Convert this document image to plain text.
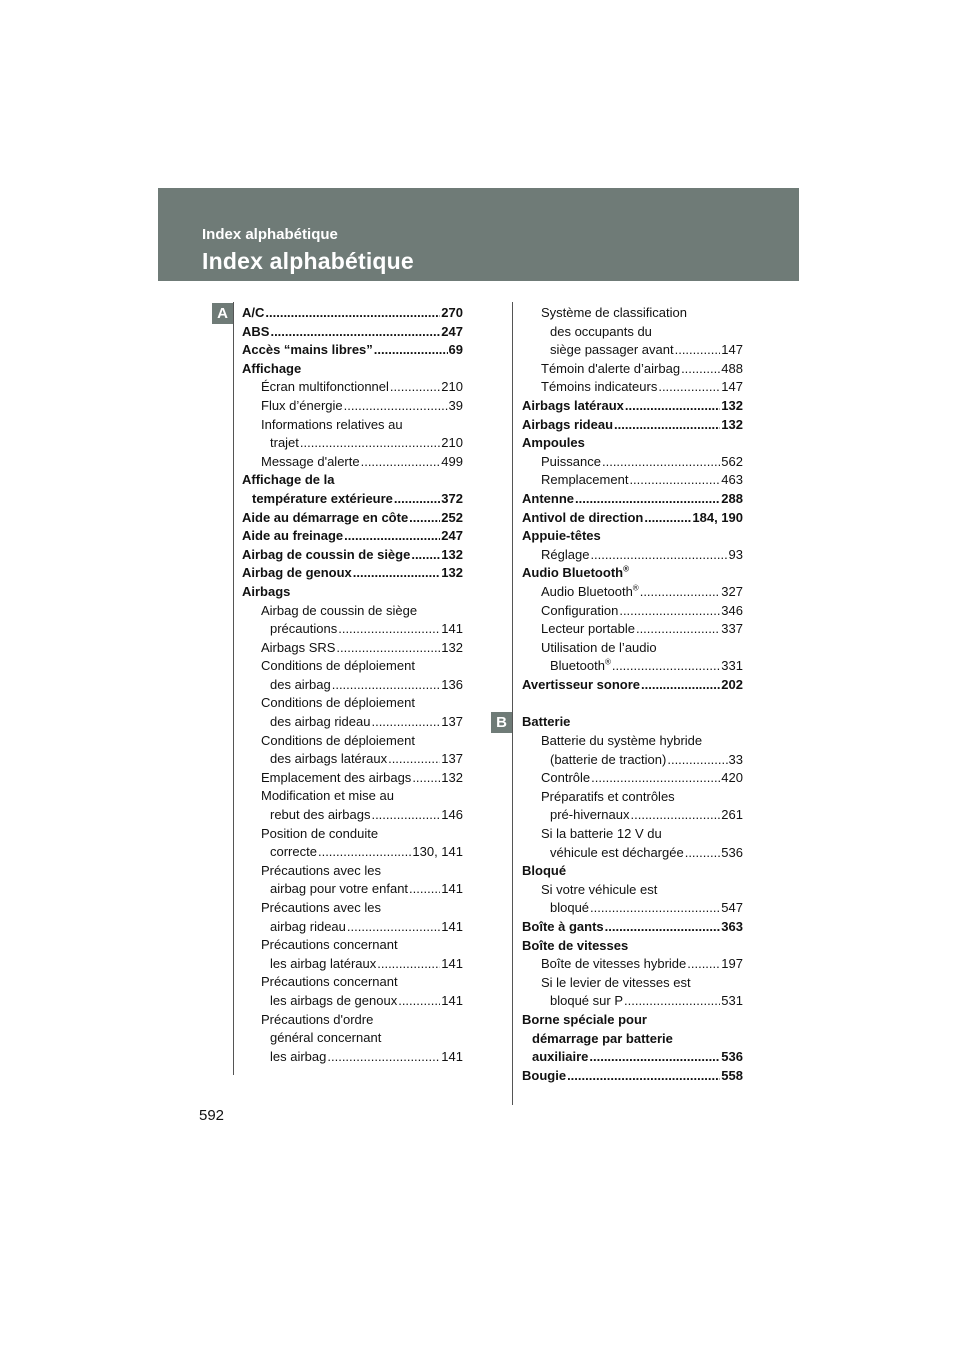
Index alphabétique
Index alphabétique
A
B
A/C .....	270
ABS .....	247
Accès “mains libres” .....	69
Affichage
Écran multifonctionnel .....	210
Flux d’énergie .....	39
Informations relatives au
trajet .....	210
Message d'alerte .....	499
Affichage de la
température extérieure .....	372
Aide au démarrage en côte .....	252
Aide au freinage .....	247
Airbag de coussin de siège ..... 132
Airbag de genoux .....	132
Airbags
Airbag de coussin de siège
précautions .....	141
Airbags SRS .....	132
Conditions de déploiement
des airbag .....	136
Conditions de déploiement
des airbag rideau .....	137
Conditions de déploiement
des airbags latéraux .....	137
Emplacement des airbags ..... 132
Modification et mise au
rebut des airbags .....	146
Position de conduite
correcte .....	130, 141
Précautions avec les
airbag pour votre enfant .....	141
Précautions avec les
airbag rideau .....	141
Précautions concernant
les airbag latéraux .....	141
Précautions concernant
les airbags de genoux .....	141
Précautions d'ordre
général concernant
les airbag .....	141
Système de classification
des occupants du
siège passager avant .....	147
Témoin d'alerte d’airbag .....	488
Témoins indicateurs .....	147
Airbags latéraux .....	132
Airbags rideau .....	132
Ampoules
Puissance .....	562
Remplacement .....	463
Antenne .....	288
Antivol de direction .....	184, 190
Appuie-têtes
Réglage .....	93
Audio Bluetooth®
Audio Bluetooth® .....	327
Configuration .....	346
Lecteur portable .....	337
Utilisation de l’audio
Bluetooth® .....	331
Avertisseur sonore .....	202
Batterie
Batterie du système hybride
(batterie de traction) .....	33
Contrôle .....	420
Préparatifs et contrôles
pré-hivernaux .....	261
Si la batterie 12 V du
véhicule est déchargée .....	536
Bloqué
Si votre véhicule est
bloqué .....	547
Boîte à gants .....	363
Boîte de vitesses
Boîte de vitesses hybride .....	197
Si le levier de vitesses est
bloqué sur P .....	531
Borne spéciale pour
démarrage par batterie
auxiliaire .....	536
Bougie .....	558
592
